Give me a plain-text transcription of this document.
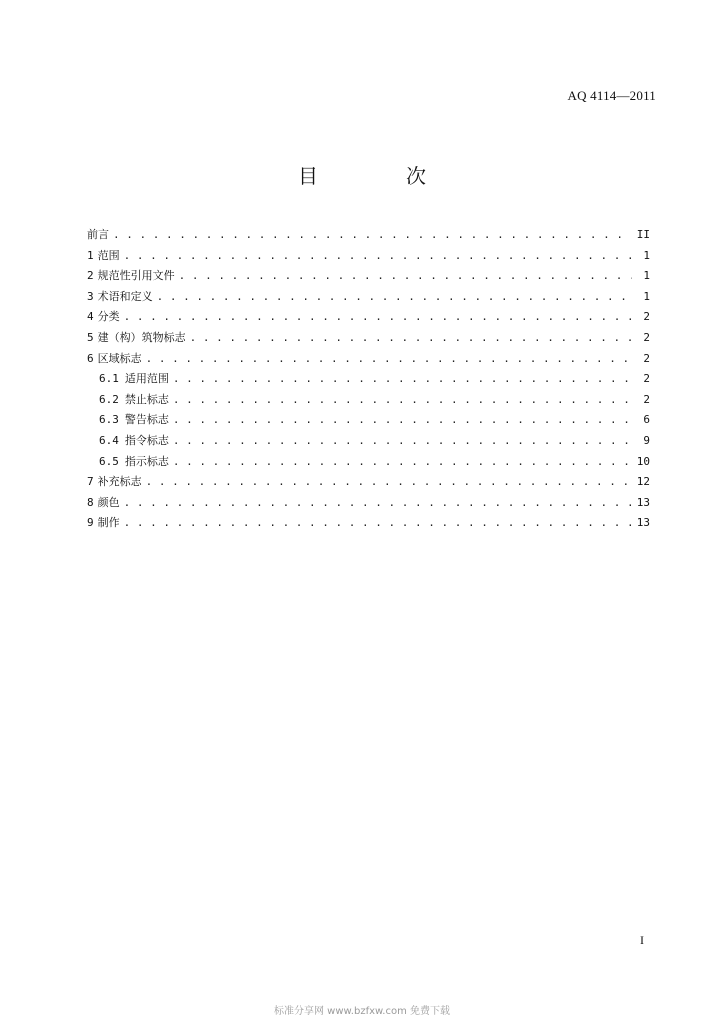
AQ 4114—2011
目　次
前言 . . .	II
1 范围 . . .	1
2 规范性引用文件 . . .	1
3 术语和定义 . . .	1
4 分类 . . .	2
5 建（构）筑物标志 . . .	2
6 区域标志 . . .	2
6.1 适用范围 . . .	2
6.2 禁止标志 . . .	2
6.3 警告标志 . . .	6
6.4 指令标志 . . .	9
6.5 指示标志 . . .	10
7 补充标志 . . .	12
8 颜色 . . .	13
9 制作 . . .	13
I
标准分享网 www.bzfxw.com 免费下载
